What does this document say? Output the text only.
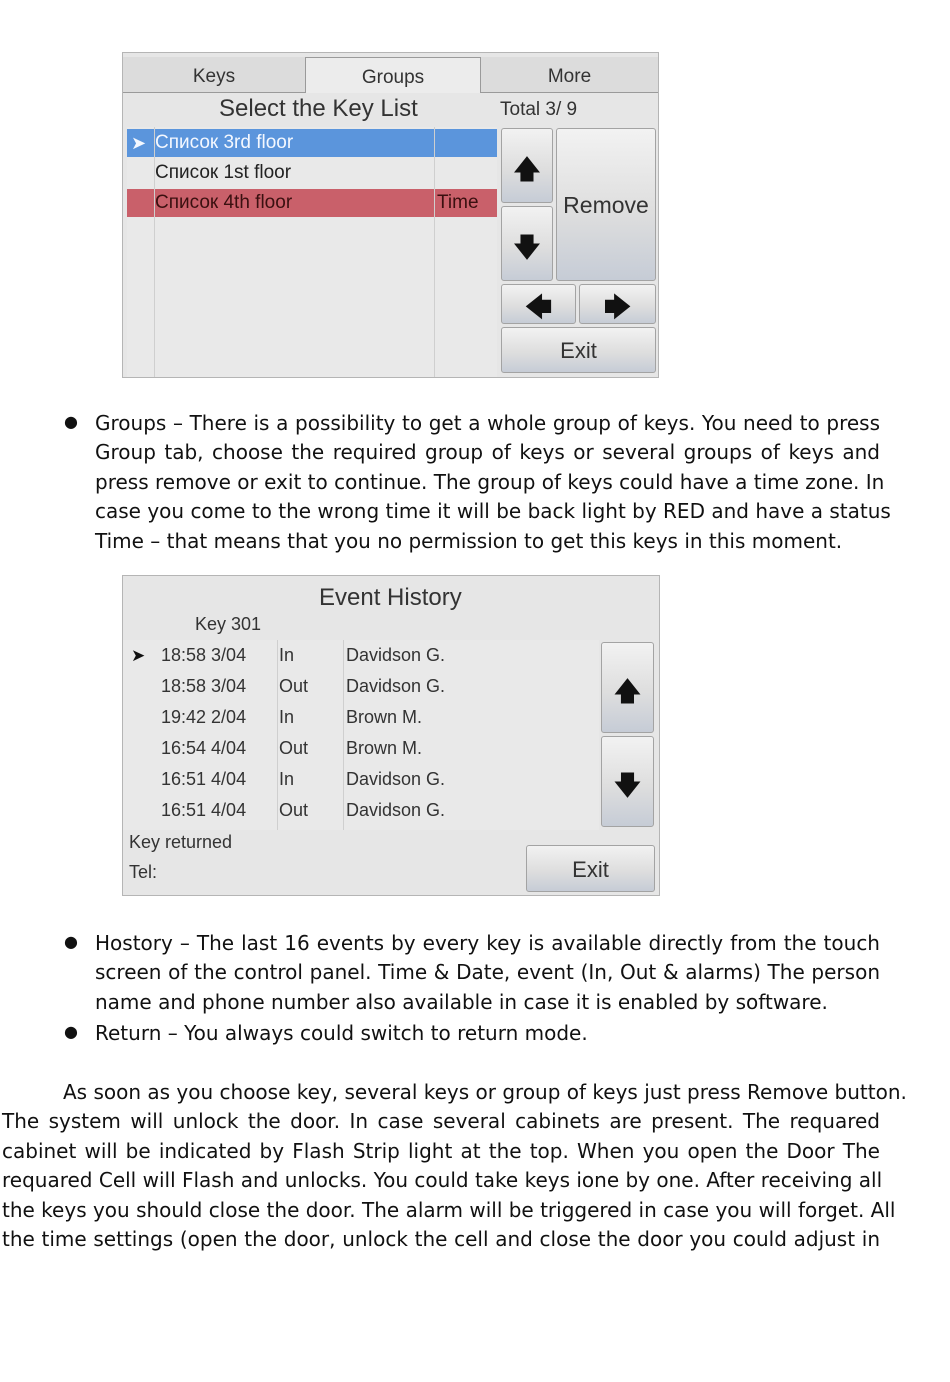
Keys	Groups	More
Select the Key List	Total 3/ 9
➤ Список 3rd floor
Список 1st floor
Список 4th floor	Time
🡅
🡇
Remove
🡄	🡆
Exit
● Groups – There is a possibility to get a whole group of keys. You need to press
Group tab, choose the required group of keys or several groups of keys and
press remove or exit to continue. The group of keys could have a time zone. In
case you come to the wrong time it will be back light by RED and have a status
Time – that means that you no permission to get this keys in this moment.
Event History
Key 301
➤ 18:58 3/04 In	Davidson G.
18:58 3/04 Out Davidson G.
19:42 2/04 In	Brown M.
16:54 4/04 Out Brown M.
16:51 4/04 In	Davidson G.
16:51 4/04 Out Davidson G.
🡅
🡇
Key returned
Tel:	Exit
● Hostory – The last 16 events by every key is available directly from the touch
screen of the control panel. Time & Date, event (In, Out & alarms) The person
name and phone number also available in case it is enabled by software.
● Return – You always could switch to return mode.
As soon as you choose key, several keys or group of keys just press Remove button.
The system will unlock the door. In case several cabinets are present. The requared
cabinet will be indicated by Flash Strip light at the top. When you open the Door The
requared Cell will Flash and unlocks. You could take keys ione by one. After receiving all
the keys you should close the door. The alarm will be triggered in case you will forget. All
the time settings (open the door, unlock the cell and close the door you could adjust in
